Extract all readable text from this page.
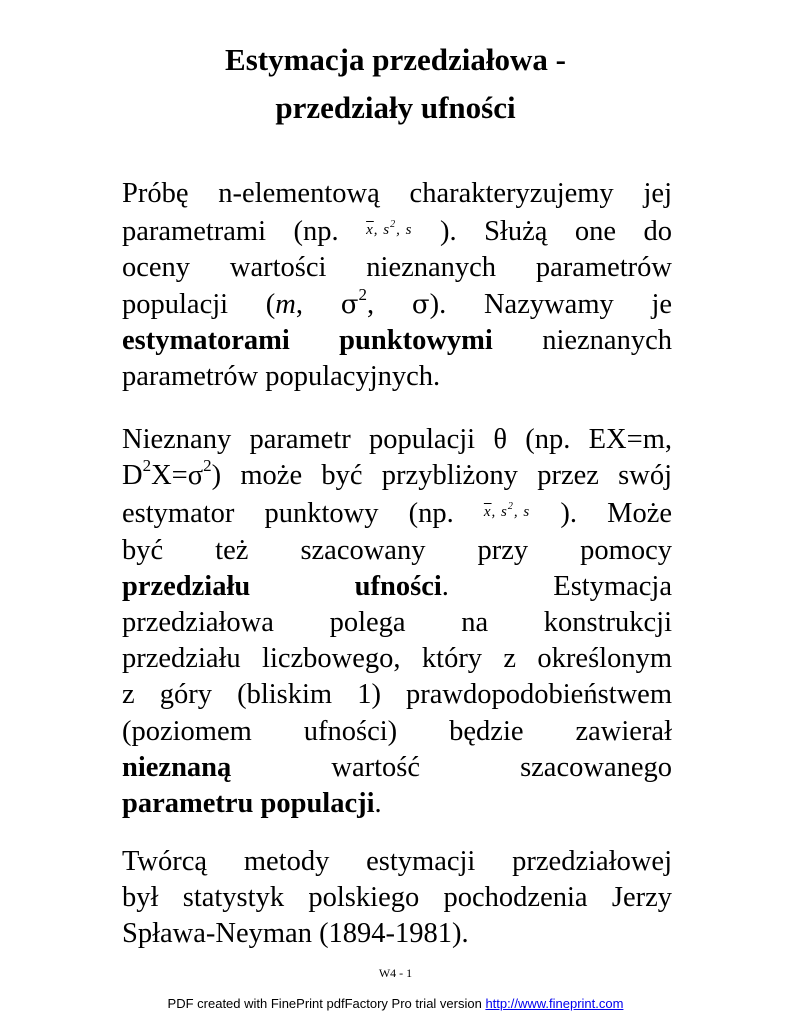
Estymacja przedziałowa -
przedziały ufności
Próbę n-elementową charakteryzujemy jej
parametrami (np. $\overline{x}$, $s^2$, s ). Służą one do
oceny wartości nieznanych parametrów
populacji (m, $\sigma^2$, σ). Nazywamy je
estymatorami punktowymi nieznanych
parametrów populacyjnych.
Nieznany parametr populacji θ (np. EX=m,
$D^2X=\sigma^2$) może być przybliżony przez swój
estymator punktowy (np. $\overline{x}$, $s^2$, s ). Może
być też szacowany przy pomocy
przedziału	ufności. Estymacja
przedziałowa polega na konstrukcji
przedziału liczbowego, który z określonym
z góry (bliskim 1) prawdopodobieństwem
(poziomem ufności) będzie zawierał
nieznaną	wartość szacowanego
parametru populacji.
Twórcą metody estymacji przedziałowej
był statystyk polskiego pochodzenia Jerzy
Spława-Neyman (1894-1981).
W4 - 1
PDF created with FinePrint pdfFactory Pro trial version http://www.fineprint.com
